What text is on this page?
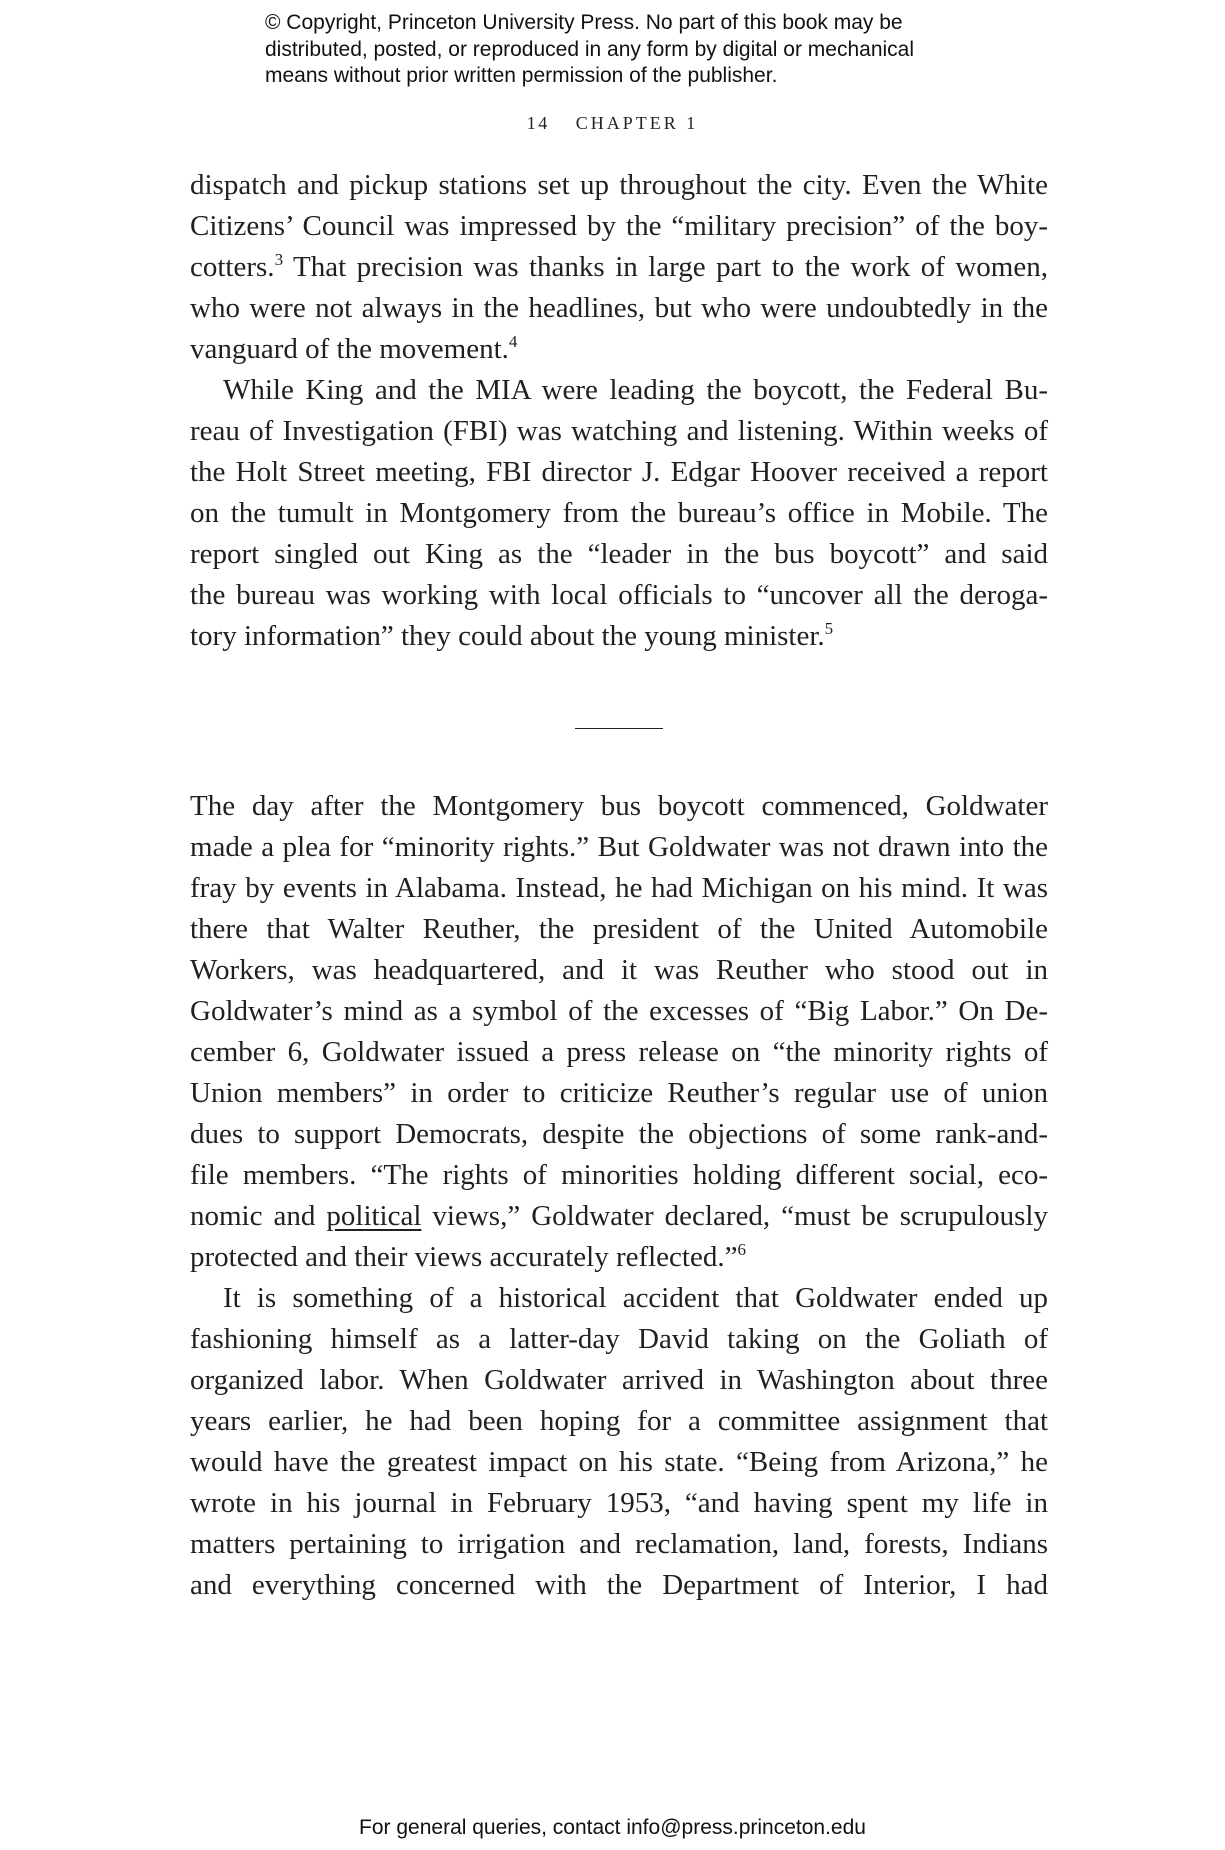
© Copyright, Princeton University Press. No part of this book may be
distributed, posted, or reproduced in any form by digital or mechanical
means without prior written permission of the publisher.
14 CHAPTER 1
dispatch and pickup stations set up throughout the city. Even the White
Citizens’ Council was impressed by the “military precision” of the boy-
cotters.$^3$ That precision was thanks in large part to the work of women,
who were not always in the headlines, but who were undoubtedly in the
vanguard of the movement.$^4$
While King and the MIA were leading the boycott, the Federal Bu-
reau of Investigation (FBI) was watching and listening. Within weeks of
the Holt Street meeting, FBI director J. Edgar Hoover received a report
on the tumult in Montgomery from the bureau’s office in Mobile. The
report singled out King as the “leader in the bus boycott” and said
the bureau was working with local officials to “uncover all the deroga-
tory information” they could about the young minister.$^5$
The day after the Montgomery bus boycott commenced, Goldwater
made a plea for “minority rights.” But Goldwater was not drawn into the
fray by events in Alabama. Instead, he had Michigan on his mind. It was
there that Walter Reuther, the president of the United Automobile
Workers, was headquartered, and it was Reuther who stood out in
Goldwater’s mind as a symbol of the excesses of “Big Labor.” On De-
cember 6, Goldwater issued a press release on “the minority rights of
Union members” in order to criticize Reuther’s regular use of union
dues to support Democrats, despite the objections of some rank-and-
file members. “The rights of minorities holding different social, eco-
nomic and political views,” Goldwater declared, “must be scrupulously
protected and their views accurately reflected.”$^6$
It is something of a historical accident that Goldwater ended up
fashioning himself as a latter-day David taking on the Goliath of
organized labor. When Goldwater arrived in Washington about three
years earlier, he had been hoping for a committee assignment that
would have the greatest impact on his state. “Being from Arizona,” he
wrote in his journal in February 1953, “and having spent my life in
matters pertaining to irrigation and reclamation, land, forests, Indians
and everything concerned with the Department of Interior, I had
For general queries, contact info@press.princeton.edu
